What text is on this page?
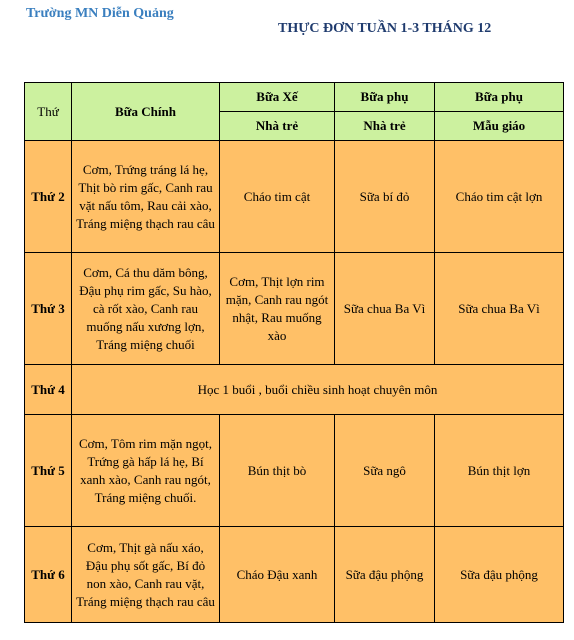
Trường MN Diễn Quảng
THỰC ĐƠN TUẦN 1-3 THÁNG 12
Thứ	Bữa Chính	Bữa Xế	Bữa phụ	Bữa phụ
		Nhà trẻ	Nhà trẻ	Mẫu giáo
Thứ 2	Cơm, Trứng tráng lá hẹ, Thịt bò rim gấc, Canh rau vặt nấu tôm, Rau cải xào, Tráng miệng thạch rau câu	Cháo tim cật	Sữa bí đỏ	Cháo tim cật lợn
Thứ 3	Cơm, Cá thu dăm bông, Đậu phụ rim gấc, Su hào, cà rốt xào, Canh rau muống nấu xương lợn, Tráng miệng chuối	Cơm, Thịt lợn rim mặn, Canh rau ngót nhật, Rau muống xào	Sữa chua Ba Vì	Sữa chua Ba Vì
Thứ 4	Học 1 buổi , buổi chiều sinh hoạt chuyên môn			
Thứ 5	Cơm, Tôm rim mặn ngọt, Trứng gà hấp lá hẹ, Bí xanh xào, Canh rau ngót, Tráng miệng chuối.	Bún thịt bò	Sữa ngô	Bún thịt lợn
Thứ 6	Cơm, Thịt gà nấu xáo, Đậu phụ sốt gấc, Bí đỏ non xào, Canh rau vặt, Tráng miệng thạch rau câu	Cháo Đậu xanh	Sữa đậu phộng	Sữa đậu phộng
